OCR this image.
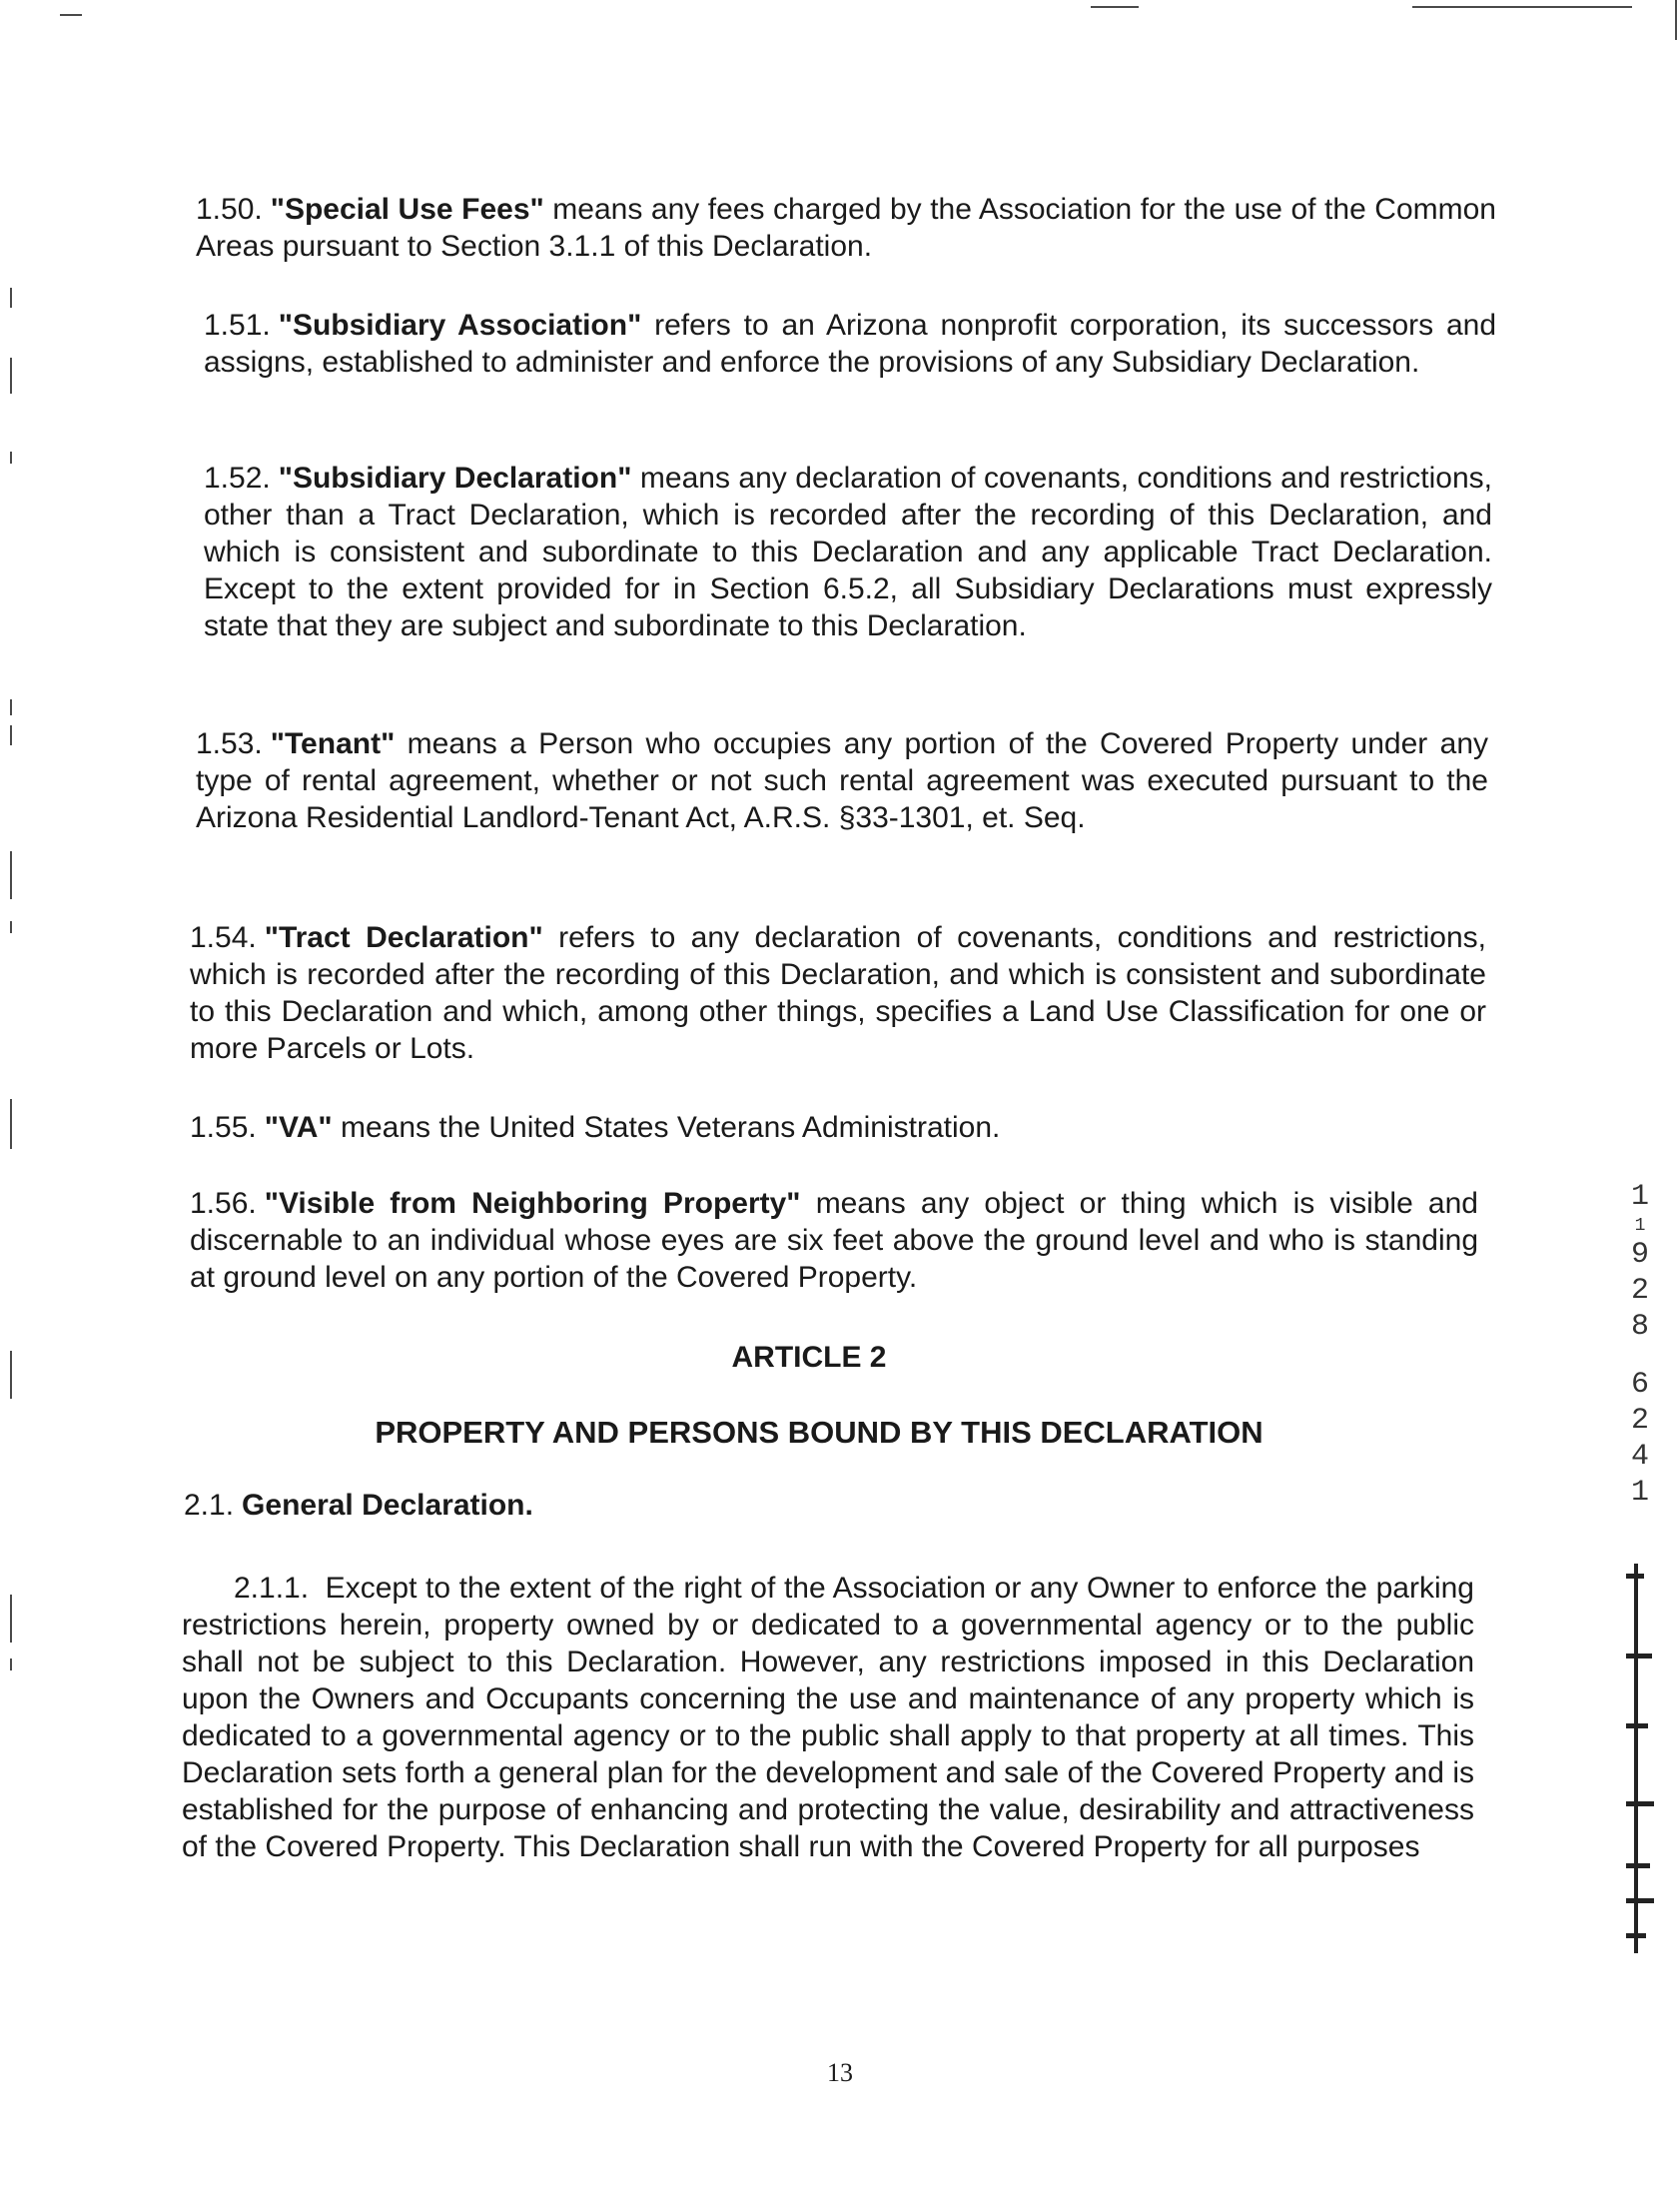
1.50. "Special Use Fees" means any fees charged by the Association for the use of the Common Areas pursuant to Section 3.1.1 of this Declaration.

1.51. "Subsidiary Association" refers to an Arizona nonprofit corporation, its successors and assigns, established to administer and enforce the provisions of any Subsidiary Declaration.

1.52. "Subsidiary Declaration" means any declaration of covenants, conditions and restrictions, other than a Tract Declaration, which is recorded after the recording of this Declaration, and which is consistent and subordinate to this Declaration and any applicable Tract Declaration. Except to the extent provided for in Section 6.5.2, all Subsidiary Declarations must expressly state that they are subject and subordinate to this Declaration.

1.53. "Tenant" means a Person who occupies any portion of the Covered Property under any type of rental agreement, whether or not such rental agreement was executed pursuant to the Arizona Residential Landlord-Tenant Act, A.R.S. §33-1301, et. Seq.

1.54. "Tract Declaration" refers to any declaration of covenants, conditions and restrictions, which is recorded after the recording of this Declaration, and which is consistent and subordinate to this Declaration and which, among other things, specifies a Land Use Classification for one or more Parcels or Lots.

1.55. "VA" means the United States Veterans Administration.

1.56. "Visible from Neighboring Property" means any object or thing which is visible and discernable to an individual whose eyes are six feet above the ground level and who is standing at ground level on any portion of the Covered Property.

ARTICLE 2
PROPERTY AND PERSONS BOUND BY THIS DECLARATION

2.1. General Declaration.

2.1.1. Except to the extent of the right of the Association or any Owner to enforce the parking restrictions herein, property owned by or dedicated to a governmental agency or to the public shall not be subject to this Declaration. However, any restrictions imposed in this Declaration upon the Owners and Occupants concerning the use and maintenance of any property which is dedicated to a governmental agency or to the public shall apply to that property at all times. This Declaration sets forth a general plan for the development and sale of the Covered Property and is established for the purpose of enhancing and protecting the value, desirability and attractiveness of the Covered Property. This Declaration shall run with the Covered Property for all purposes

1
1
9
2
8
6
2
4
1
13
